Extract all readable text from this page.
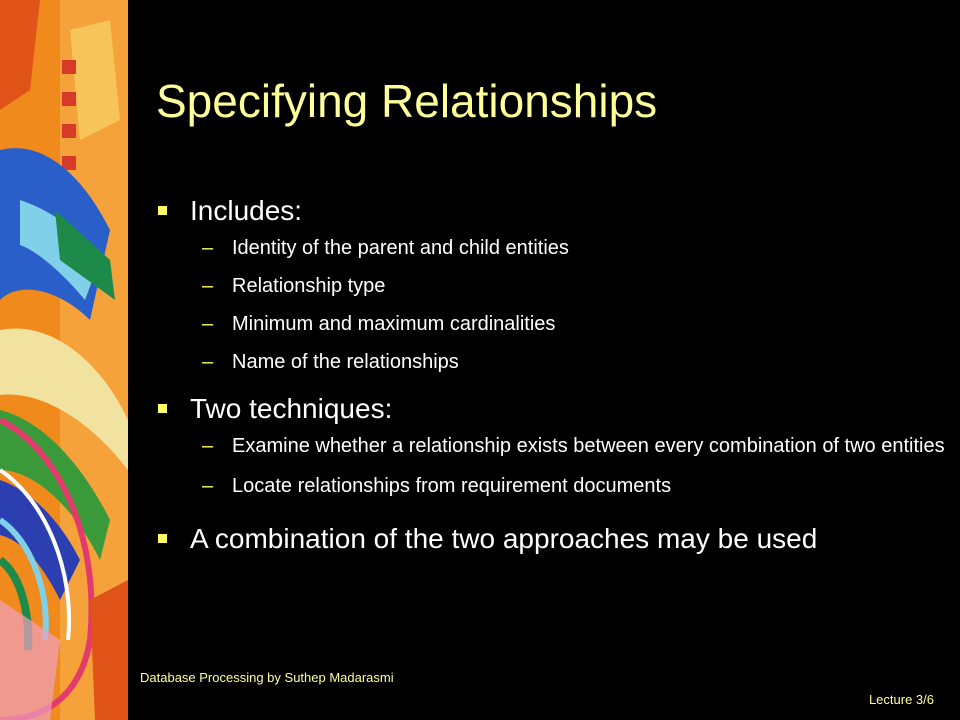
Specifying Relationships
Includes:
– Identity of the parent and child entities
– Relationship type
– Minimum and maximum cardinalities
– Name of the relationships
Two techniques:
– Examine whether a relationship exists between every combination of two entities
– Locate relationships from requirement documents
A combination of the two approaches may be used
Database Processing by Suthep Madarasmi
Lecture 3/6
